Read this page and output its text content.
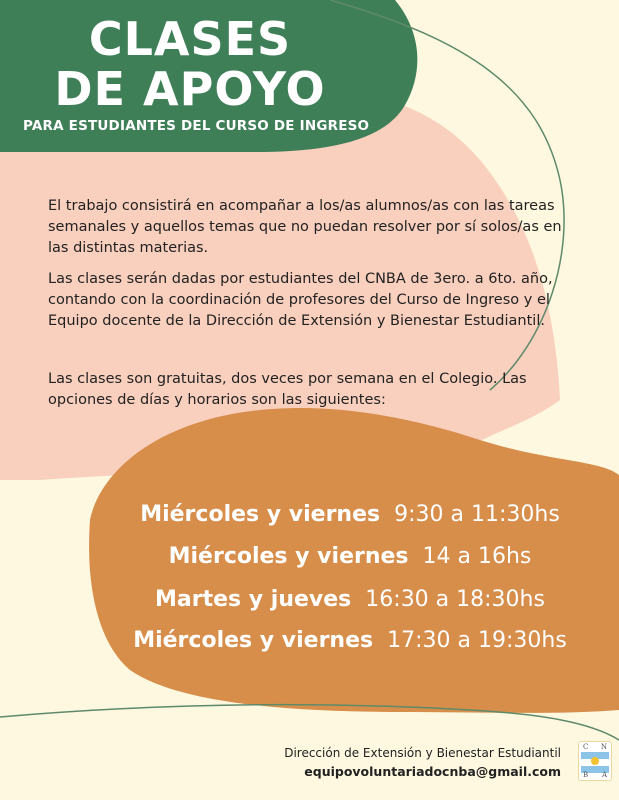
CLASES
DE APOYO
PARA ESTUDIANTES DEL CURSO DE INGRESO

El trabajo consistirá en acompañar a los/as alumnos/as con las tareas semanales y aquellos temas que no puedan resolver por sí solos/as en las distintas materias.

Las clases serán dadas por estudiantes del CNBA de 3ero. a 6to. año, contando con la coordinación de profesores del Curso de Ingreso y el Equipo docente de la Dirección de Extensión y Bienestar Estudiantil.

Las clases son gratuitas, dos veces por semana en el Colegio. Las opciones de días y horarios son las siguientes:

Miércoles y viernes 9:30 a 11:30hs
Miércoles y viernes 14 a 16hs
Martes y jueves 16:30 a 18:30hs
Miércoles y viernes 17:30 a 19:30hs
Dirección de Extensión y Bienestar Estudiantil
equipovoluntariadocnba@gmail.com
C N
B A
